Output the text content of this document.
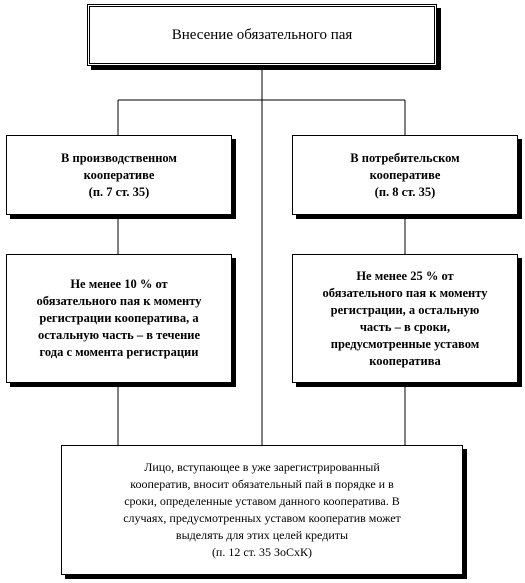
Внесение обязательного пая
В производственном
кооперативе
(п. 7 ст. 35)
В потребительском
кооперативе
(п. 8 ст. 35)
Не менее 10 % от
обязательного пая к моменту
регистрации кооператива, а
остальную часть – в течение
года с момента регистрации
Не менее 25 % от
обязательного пая к моменту
регистрации, а остальную
часть – в сроки,
предусмотренные уставом
кооператива
Лицо, вступающее в уже зарегистрированный
кооператив, вносит обязательный пай в порядке и в
сроки, определенные уставом данного кооператива. В
случаях, предусмотренных уставом кооператив может
выделять для этих целей кредиты
(п. 12 ст. 35 ЗоСхК)
